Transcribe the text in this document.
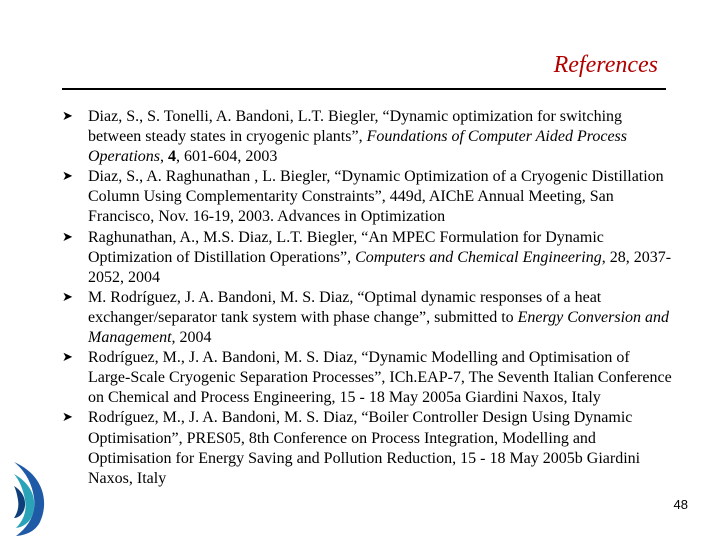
References
➤ Diaz, S., S. Tonelli, A. Bandoni, L.T. Biegler, “Dynamic optimization for switching between steady states in cryogenic plants”, Foundations of Computer Aided Process Operations, 4, 601-604, 2003
➤ Diaz, S., A. Raghunathan , L. Biegler, “Dynamic Optimization of a Cryogenic Distillation Column Using Complementarity Constraints”, 449d, AIChE Annual Meeting, San Francisco, Nov. 16-19, 2003. Advances in Optimization
➤ Raghunathan, A., M.S. Diaz, L.T. Biegler, “An MPEC Formulation for Dynamic Optimization of Distillation Operations”, Computers and Chemical Engineering, 28, 2037-2052, 2004
➤ M. Rodríguez, J. A. Bandoni, M. S. Diaz, “Optimal dynamic responses of a heat exchanger/separator tank system with phase change”, submitted to Energy Conversion and Management, 2004
➤ Rodríguez, M., J. A. Bandoni, M. S. Diaz, “Dynamic Modelling and Optimisation of Large-Scale Cryogenic Separation Processes”, ICh.EAP-7, The Seventh Italian Conference on Chemical and Process Engineering, 15 - 18 May 2005a Giardini Naxos, Italy
➤ Rodríguez, M., J. A. Bandoni, M. S. Diaz, “Boiler Controller Design Using Dynamic Optimisation”, PRES05, 8th Conference on Process Integration, Modelling and Optimisation for Energy Saving and Pollution Reduction, 15 - 18 May 2005b Giardini Naxos, Italy
48
